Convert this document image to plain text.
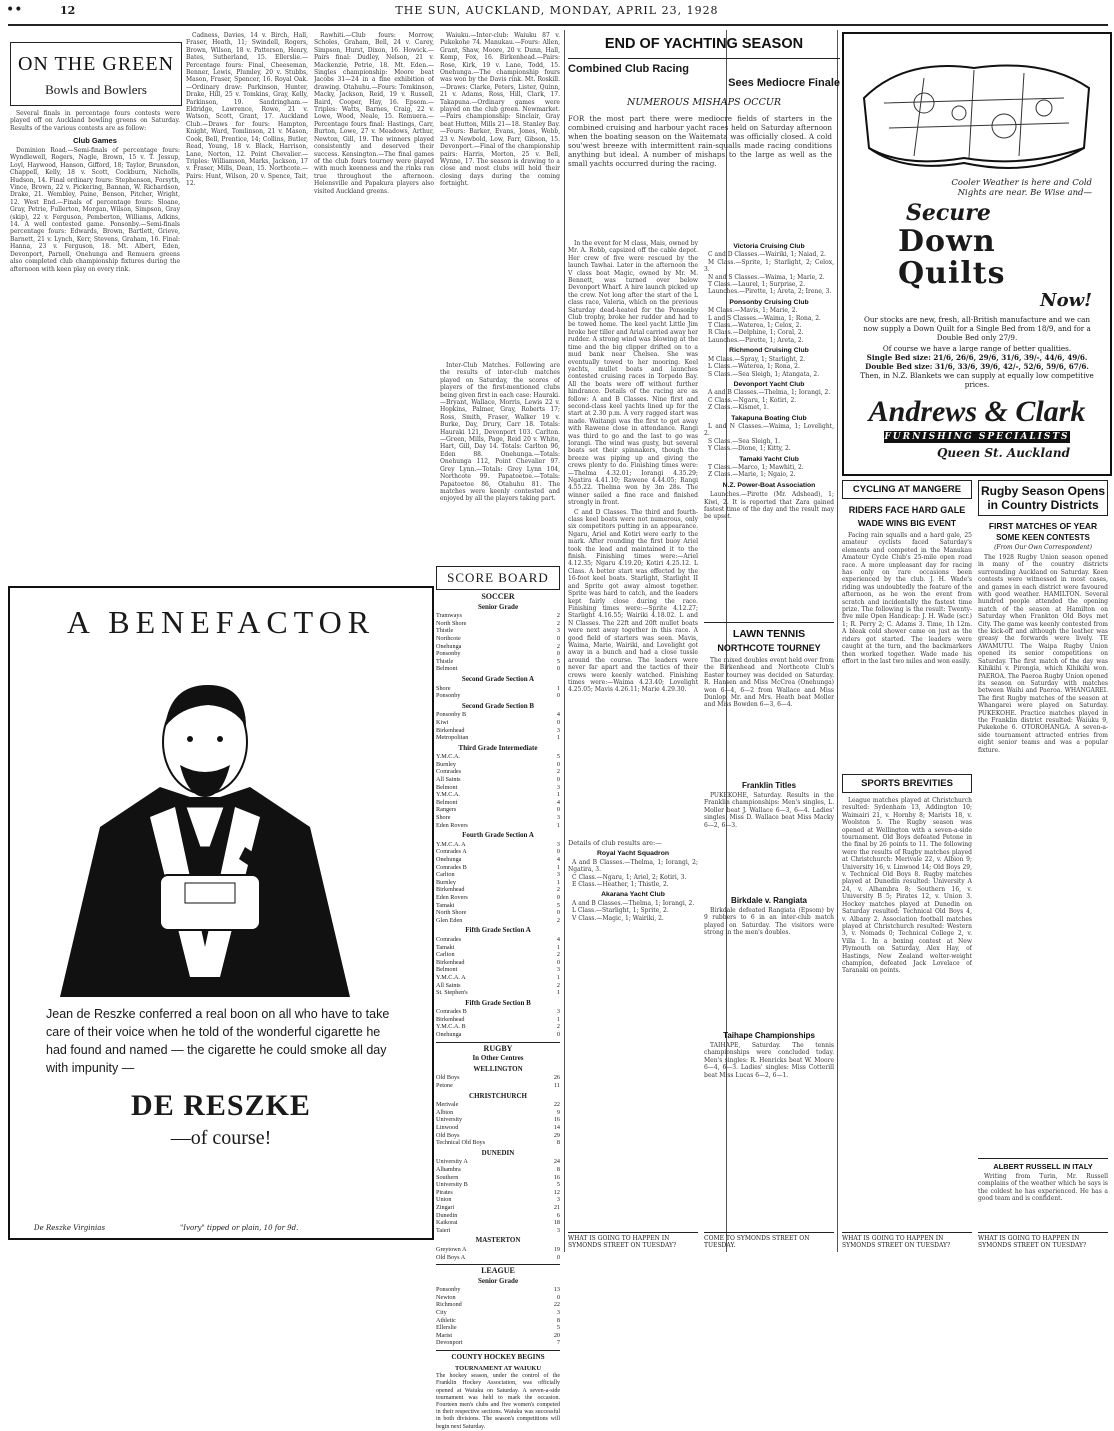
••	12	THE SUN, AUCKLAND, MONDAY, APRIL 23, 1928
ON THE GREEN
Bowls and Bowlers

Several finals in percentage fours contests were played off on Auckland bowling greens on Saturday. Results of the various contests are as follow:

Club Games

Dominion Road.—Semi-finals of percentage fours: Wyndlewell, Rogers, Nagle, Brown, 15 v. T. Jessup, Loyl, Haywood, Hanson, Gifford, 18; Taylor, Brunsdon, Chappell, Kelly, 18 v. Scott, Cockburn, Nicholls, Hudson, 14. Final ordinary fours: Stephenson, Forsyth, Vince, Brown, 22 v. Pickering, Bannan, W. Richardson, Drake, 21. Wembley, Paine, Benson, Pitcher, Wright, 12. West End.—Finals of percentage fours: Sloane, Gray, Petrie, Fullerton, Morgan, Wilson, Simpson, Gray (skip), 22 v. Ferguson, Pemberton, Williams, Adkins, 14. A well contested game. Ponsonby.—Semi-finals percentage fours: Edwards, Brown, Bartlett, Grieve, Barnett, 21 v. Lynch, Kerr, Stevens, Graham, 16. Final: Hanna, 23 v. Ferguson, 18. Mt. Albert, Eden, Devonport, Parnell, Onehunga and Remuera greens also completed club championship fixtures during the afternoon with keen play on every rink.

Cadness, Davies, 14 v. Birch, Hall, Fraser, Heath, 11; Swindell, Rogers, Brown, Wilson, 18 v. Patterson, Henry, Bates, Sutherland, 15. Ellerslie.—Percentage fours: Final, Cheeseman, Benner, Lewis, Plumley, 20 v. Stubbs, Mason, Fraser, Spencer, 16. Royal Oak.—Ordinary draw: Parkinson, Hunter, Drake, Hill, 25 v. Tomkins, Gray, Kelly, Parkinson, 19. Sandringham.—Eldridge, Lawrence, Rowe, 21 v. Watson, Scott, Grant, 17. Auckland Club.—Draws for fours: Hampton, Knight, Ward, Tomlinson, 21 v. Mason, Cook, Bell, Prentice, 14; Collins, Butler, Read, Young, 18 v. Black, Harrison, Lane, Norton, 12. Point Chevalier.—Triples: Williamson, Marks, Jackson, 17 v. Fraser, Mills, Dean, 15. Northcote.—Pairs: Hunt, Wilson, 20 v. Spence, Tait, 12.

Rawhiti.—Club fours: Morrow, Scholes, Graham, Bell, 24 v. Carey, Simpson, Hurst, Dixon, 16. Howick.—Pairs final: Dudley, Nelson, 21 v. Mackenzie, Petrie, 18. Mt. Eden.—Singles championship: Moore beat Jacobs 31—24 in a fine exhibition of drawing. Otahuhu.—Fours: Tomkinson, Macky, Jackson, Reid, 19 v. Russell, Baird, Cooper, Hay, 16. Epsom.—Triples: Watts, Barnes, Craig, 22 v. Lowe, Wood, Neale, 15. Remuera.—Percentage fours final: Hastings, Carr, Burton, Lowe, 27 v. Meadows, Arthur, Newton, Gill, 19. The winners played consistently and deserved their success. Kensington.—The final games of the club fours tourney were played with much keenness and the rinks ran true throughout the afternoon. Helensville and Papakura players also visited Auckland greens.

Waiuku.—Inter-club: Waiuku 87 v. Pukekohe 74. Manukau.—Fours: Allen, Grant, Shaw, Moore, 20 v. Dunn, Hall, Kemp, Fox, 16. Birkenhead.—Pairs: Rose, Kirk, 19 v. Lane, Todd, 15. Onehunga.—The championship fours was won by the Davis rink. Mt. Roskill.—Draws: Clarke, Peters, Lister, Quinn, 21 v. Adams, Ross, Hill, Clark, 17. Takapuna.—Ordinary games were played on the club green. Newmarket.—Pairs championship: Sinclair, Gray beat Hutton, Mills 21—18. Stanley Bay.—Fours: Barker, Evans, Jones, Webb, 23 v. Newbold, Low, Farr, Gibson, 15. Devonport.—Final of the championship pairs: Harris, Morton, 25 v. Bell, Wynne, 17. The season is drawing to a close and most clubs will hold their closing days during the coming fortnight.

Inter-Club Matches. Following are the results of inter-club matches played on Saturday, the scores of players of the first-mentioned clubs being given first in each case: Hauraki.—Bryant, Wallace, Morris, Lewis 22 v. Hopkins, Palmer, Gray, Roberts 17; Ross, Smith, Fraser, Walker 19 v. Burke, Day, Drury, Carr 18. Totals: Hauraki 121, Devonport 103. Carlton.—Green, Mills, Page, Reid 20 v. White, Hart, Gill, Day 14. Totals: Carlton 96, Eden 88. Onehunga.—Totals: Onehunga 112, Point Chevalier 97. Grey Lynn.—Totals: Grey Lynn 104, Northcote 99. Papatoetoe.—Totals: Papatoetoe 86, Otahuhu 81. The matches were keenly contested and enjoyed by all the players taking part.

A BENEFACTOR
Jean de Reszke conferred a real boon on all who have to take care of their voice when he told of the wonderful cigarette he had found and named — the cigarette he could smoke all day with impunity —
DE RESZKE
—of course!
De Reszke Virginias	"Ivory" tipped or plain, 10 for 9d.
SCORE BOARD
SOCCER
Senior Grade
Tramways	2
North Shore	2
Thistle	3
Northcote	0
Onehunga	2
Ponsonby	0
Thistle	5
Belmont	0
Second Grade Section A
Shore	1
Ponsonby	0
Second Grade Section B
Ponsonby B	4
Kiwi	0
Birkenhead	3
Metropolitan	1
Third Grade Intermediate
Y.M.C.A.	5
Burnley	0
Comrades	2
All Saints	0
Belmont	3
Y.M.C.A.	1
Belmont	4
Rangers	0
Shore	3
Eden Rovers	1
Fourth Grade Section A
Y.M.C.A. A	3
Comrades A	0
Onehunga	4
Comrades B	1
Carlton	3
Burnley	1
Birkenhead	2
Eden Rovers	0
Tamaki	5
North Shore	0
Glen Eden	2
Fifth Grade Section A
Comrades	4
Tamaki	1
Carlton	2
Birkenhead	0
Belmont	3
Y.M.C.A. A	1
All Saints	2
St. Stephen's	1
Fifth Grade Section B
Comrades B	3
Birkenhead	1
Y.M.C.A. B	2
Onehunga	0
RUGBY
In Other Centres
WELLINGTON
Old Boys	26
Petone	11
CHRISTCHURCH
Merivale	22
Albion	9
University	16
Linwood	14
Old Boys	29
Technical Old Boys	8
DUNEDIN
University A	24
Alhambra	8
Southern	16
University B	5
Pirates	12
Union	3
Zingari	21
Dunedin	6
Kaikorai	18
Taieri	3
MASTERTON
Greytown A	19
Old Boys A	0
LEAGUE
Senior Grade
Ponsonby	13
Newton	0
Richmond	22
City	3
Athletic	8
Ellerslie	5
Marist	20
Devonport	7
COUNTY HOCKEY BEGINS
TOURNAMENT AT WAIUKU
The hockey season, under the control of the Franklin Hockey Association, was officially opened at Waiuku on Saturday. A seven-a-side tournament was held to mark the occasion. Fourteen men's clubs and five women's competed in their respective sections. Waiuku was successful in both divisions. The season's competitions will begin next Saturday.
END OF YACHTING SEASON
Combined Club Racing
Sees Mediocre Finale
NUMEROUS MISHAPS OCCUR

FOR the most part there were mediocre fields of starters in the combined cruising and harbour yacht races held on Saturday afternoon when the boating season on the Waitemata was officially closed. A cold sou'west breeze with intermittent rain-squalls made racing conditions anything but ideal. A number of mishaps to the large as well as the small yachts occurred during the racing.

In the event for M class, Mais, owned by Mr. A. Robb, capsized off the cable depot. Her crew of five were rescued by the launch Tawhai. Later in the afternoon the V class boat Magic, owned by Mr. M. Bennett, was turned over below Devonport Wharf. A hire launch picked up the crew. Not long after the start of the L class race, Valeria, which on the previous Saturday dead-heated for the Ponsonby Club trophy, broke her rudder and had to be towed home. The keel yacht Little Jim broke her tiller and Arial carried away her rudder. A strong wind was blowing at the time and the big clipper drifted on to a mud bank near Chelsea. She was eventually towed to her mooring. Keel yachts, mullet boats and launches contested cruising races in Torpedo Bay. All the boats were off without further hindrance. Details of the racing are as follow: A and B Classes. Nine first and second-class keel yachts lined up for the start at 2.30 p.m. A very ragged start was made. Waitangi was the first to get away with Rawene close in attendance. Rangi was third to go and the last to go was Iorangi. The wind was gusty, but several boats set their spinnakers, though the breeze was piping up and giving the crews plenty to do. Finishing times were:—Thelma 4.32.01; Iorangi 4.35.29; Ngatira 4.41.10; Rawene 4.44.05; Rangi 4.55.22. Thelma won by 3m 28s. The winner sailed a fine race and finished strongly in front.

C and D Classes. The third and fourth-class keel boats were not numerous, only six competitors putting in an appearance. Ngaru, Ariel and Kotiri were early to the mark. After rounding the first buoy Ariel took the lead and maintained it to the finish. Finishing times were:—Ariel 4.12.35; Ngaru 4.19.20; Kotiri 4.25.12. L Class. A better start was effected by the 16-foot keel boats. Starlight, Starlight II and Sprite got away almost together. Sprite was hard to catch, and the leaders kept fairly close during the race. Finishing times were:—Sprite 4.12.27; Starlight 4.16.55; Wairiki 4.18.02. L and N Classes. The 22ft and 20ft mullet boats were next away together in this race. A good field of starters was seen. Mavis, Waima, Marie, Wairiki, and Lovelight got away in a bunch and had a close tussle around the course. The leaders were never far apart and the tactics of their crews were keenly watched. Finishing times were:—Waima 4.23.40; Lovelight 4.25.05; Mavis 4.26.11; Marie 4.29.30.

Details of club results are:—
Royal Yacht Squadron
A and B Classes.—Thelma, 1; Iorangi, 2; Ngatira, 3.
C Class.—Ngaru, 1; Ariel, 2; Kotiri, 3.
E Class.—Heather, 1; Thistle, 2.
Akarana Yacht Club
A and B Classes.—Thelma, 1; Iorangi, 2.
L Class.—Starlight, 1; Sprite, 2.
V Class.—Magic, 1; Wairiki, 2.
WHAT IS GOING TO HAPPEN IN SYMONDS STREET ON TUESDAY?
Victoria Cruising Club
C and D Classes.—Wairiki, 1; Naiad, 2.
M Class.—Sprite, 1; Starlight, 2; Celox, 3.
N and S Classes.—Waima, 1; Marie, 2.
T Class.—Laurel, 1; Surprise, 2.
Launches.—Pirette, 1; Areta, 2; Irene, 3.
Ponsonby Cruising Club
M Class.—Mavis, 1; Marie, 2.
L and S Classes.—Waima, 1; Rona, 2.
T Class.—Waterea, 1; Celox, 2.
R Class.—Delphine, 1; Coral, 2.
Launches.—Pirette, 1; Areta, 2.
Richmond Cruising Club
M Class.—Spray, 1; Starlight, 2.
L Class.—Waterea, 1; Rona, 2.
S Class.—Sea Sleigh, 1; Atangata, 2.
Devonport Yacht Club
A and B Classes.—Thelma, 1; Iorangi, 2.
C Class.—Ngaru, 1; Kotiri, 2.
Z Class.—Kismet, 1.
Takapuna Boating Club
L and N Classes.—Waima, 1; Lovelight, 2.
S Class.—Sea Sleigh, 1.
Y Class.—Dione, 1; Kitty, 2.
Tamaki Yacht Club
T Class.—Marco, 1; Mawhiti, 2.
Z Class.—Marie, 1; Ngaio, 2.
N.Z. Power-Boat Association

Launches.—Pirette (Mr. Adshead), 1; Kiwi, 2. It is reported that Zara gained fastest time of the day and the result may be upset.

LAWN TENNIS
NORTHCOTE TOURNEY

The mixed doubles event held over from the Birkenhead and Northcote Club's Easter tourney was decided on Saturday. R. Hansen and Miss McCrea (Onehunga) won 6—4, 6—2 from Wallace and Miss Dunlop. Mr. and Mrs. Heath beat Moller and Miss Bowden 6—3, 6—4.

Franklin Titles

PUKEKOHE, Saturday. Results in the Franklin championships: Men's singles, L. Moller beat J. Wallace 6—3, 6—4. Ladies' singles, Miss D. Wallace beat Miss Macky 6—2, 6—3.

Birkdale v. Rangiata

Birkdale defeated Rangiata (Epsom) by 9 rubbers to 6 in an inter-club match played on Saturday. The visitors were strong in the men's doubles.

Taihape Championships

TAIHAPE, Saturday. The tennis championships were concluded today. Men's singles: R. Henricks beat W. Moore 6—4, 6—3. Ladies' singles: Miss Cotterill beat Miss Lucas 6—2, 6—1.

COME TO SYMONDS STREET ON TUESDAY.
Cooler Weather is here and Cold
Nights are near. Be Wise and—
Secure
Down Quilts
Now!
Our stocks are new, fresh, all-British manufacture and we can now supply a Down Quilt for a Single Bed from 18/9, and for a Double Bed only 27/9.
Of course we have a large range of better qualities.
Single Bed size: 21/6, 26/6, 29/6, 31/6, 39/-, 44/6, 49/6.
Double Bed size: 31/6, 33/6, 39/6, 42/-, 52/6, 59/6, 67/6.
Then, in N.Z. Blankets we can supply at equally low competitive prices.
Andrews & Clark
FURNISHING SPECIALISTS
Queen St. Auckland
CYCLING AT MANGERE
RIDERS FACE HARD GALE
WADE WINS BIG EVENT

Facing rain squalls and a hard gale, 25 amateur cyclists faced Saturday's elements and competed in the Manukau Amateur Cycle Club's 25-mile open road race. A more unpleasant day for racing has only on rare occasions been experienced by the club. J. H. Wade's riding was undoubtedly the feature of the afternoon, as he won the event from scratch and incidentally the fastest time prize. The following is the result: Twenty-five mile Open Handicap: J. H. Wade (scr.) 1; R. Perry 2; C. Adams 3. Time, 1h 12m. A bleak cold shower came on just as the riders got started. The leaders were caught at the turn, and the backmarkers then worked together. Wade made his effort in the last two miles and won easily.

SPORTS BREVITIES

League matches played at Christchurch resulted: Sydenham 13, Addington 10; Waimairi 21, v. Hornby 8; Marists 18, v. Woolston 5. The Rugby season was opened at Wellington with a seven-a-side tournament. Old Boys defeated Petone in the final by 26 points to 11. The following were the results of Rugby matches played at Christchurch: Merivale 22, v. Albion 9; University 16, v. Linwood 14; Old Boys 29, v. Technical Old Boys 8. Rugby matches played at Dunedin resulted: University A 24, v. Alhambra 8; Southern 16, v. University B 5; Pirates 12, v. Union 3. Hockey matches played at Dunedin on Saturday resulted: Technical Old Boys 4, v. Albany 2. Association football matches played at Christchurch resulted: Western 3, v. Nomads 0; Technical College 2, v. Villa 1. In a boxing contest at New Plymouth on Saturday, Alex Hay, of Hastings, New Zealand welter-weight champion, defeated Jack Lovelace of Taranaki on points.

WHAT IS GOING TO HAPPEN IN SYMONDS STREET ON TUESDAY?
Rugby Season Opens
in Country Districts
FIRST MATCHES OF YEAR
SOME KEEN CONTESTS
(From Our Own Correspondent)

The 1928 Rugby Union season opened in many of the country districts surrounding Auckland on Saturday. Keen contests were witnessed in most cases, and games in each district were favoured with good weather. HAMILTON. Several hundred people attended the opening match of the season at Hamilton on Saturday when Frankton Old Boys met City. The game was keenly contested from the kick-off and although the leather was greasy the forwards were lively. TE AWAMUTU. The Waipa Rugby Union opened its senior competitions on Saturday. The first match of the day was Kihikihi v. Pirongia, which Kihikihi won. PAEROA. The Paeroa Rugby Union opened its season on Saturday with matches between Waihi and Paeroa. WHANGAREI. The first Rugby matches of the season at Whangarei were played on Saturday. PUKEKOHE. Practice matches played in the Franklin district resulted: Waiuku 9, Pukekohe 6. OTOROHANGA. A seven-a-side tournament attracted entries from eight senior teams and was a popular fixture.

ALBERT RUSSELL IN ITALY

Writing from Turin, Mr. Russell complains of the weather which he says is the coldest he has experienced. He has a good team and is confident.

WHAT IS GOING TO HAPPEN IN SYMONDS STREET ON TUESDAY?
